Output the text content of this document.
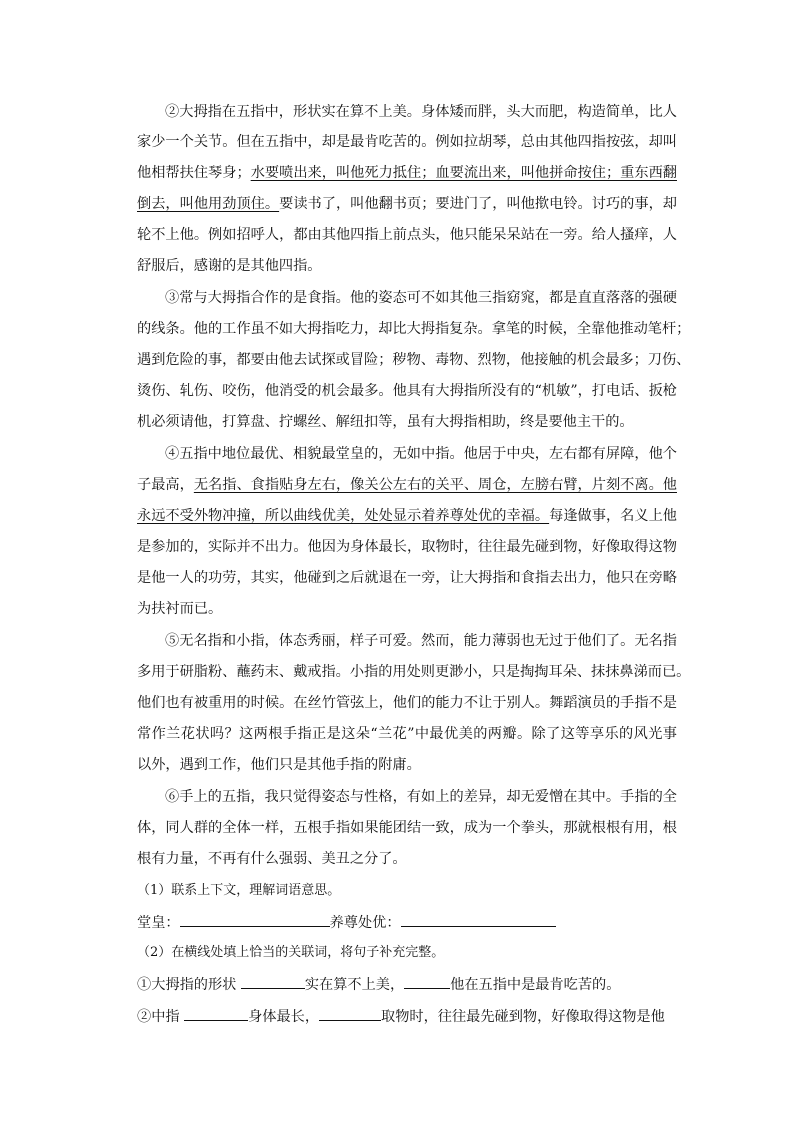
②大拇指在五指中，形状实在算不上美。身体矮而胖，头大而肥，构造简单，比人
家少一个关节。但在五指中，却是最肯吃苦的。例如拉胡琴，总由其他四指按弦，却叫
他相帮扶住琴身；水要喷出来，叫他死力抵住；血要流出来，叫他拼命按住；重东西翻
倒去，叫他用劲顶住。要读书了，叫他翻书页；要进门了，叫他揿电铃。讨巧的事，却
轮不上他。例如招呼人，都由其他四指上前点头，他只能呆呆站在一旁。给人搔痒，人
舒服后，感谢的是其他四指。
③常与大拇指合作的是食指。他的姿态可不如其他三指窈窕，都是直直落落的强硬
的线条。他的工作虽不如大拇指吃力，却比大拇指复杂。拿笔的时候，全靠他推动笔杆；
遇到危险的事，都要由他去试探或冒险；秽物、毒物、烈物，他接触的机会最多；刀伤、
烫伤、轧伤、咬伤，他消受的机会最多。他具有大拇指所没有的“机敏”，打电话、扳枪
机必须请他，打算盘、拧螺丝、解纽扣等，虽有大拇指相助，终是要他主干的。
④五指中地位最优、相貌最堂皇的，无如中指。他居于中央，左右都有屏障，他个
子最高，无名指、食指贴身左右，像关公左右的关平、周仓，左膀右臂，片刻不离。他
永远不受外物冲撞，所以曲线优美，处处显示着养尊处优的幸福。每逢做事，名义上他
是参加的，实际并不出力。他因为身体最长，取物时，往往最先碰到物，好像取得这物
是他一人的功劳，其实，他碰到之后就退在一旁，让大拇指和食指去出力，他只在旁略
为扶衬而已。
⑤无名指和小指，体态秀丽，样子可爱。然而，能力薄弱也无过于他们了。无名指
多用于研脂粉、蘸药末、戴戒指。小指的用处则更渺小，只是掏掏耳朵、抹抹鼻涕而已。
他们也有被重用的时候。在丝竹管弦上，他们的能力不让于别人。舞蹈演员的手指不是
常作兰花状吗？这两根手指正是这朵“兰花”中最优美的两瓣。除了这等享乐的风光事
以外，遇到工作，他们只是其他手指的附庸。
⑥手上的五指，我只觉得姿态与性格，有如上的差异，却无爱憎在其中。手指的全
体，同人群的全体一样，五根手指如果能团结一致，成为一个拳头，那就根根有用，根
根有力量，不再有什么强弱、美丑之分了。
（1）联系上下文，理解词语意思。
堂皇：	养尊处优：
（2）在横线处填上恰当的关联词，将句子补充完整。
①大拇指的形状	实在算不上美，	他在五指中是最肯吃苦的。
②中指	身体最长，	取物时，往往最先碰到物，好像取得这物是他
